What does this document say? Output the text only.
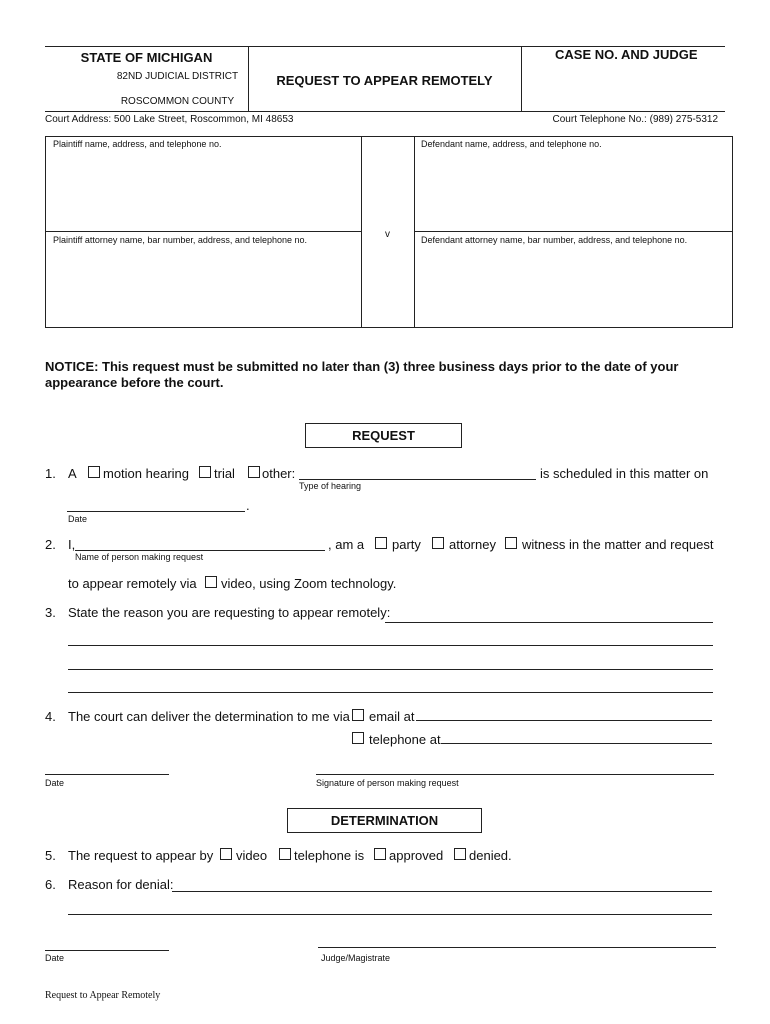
STATE OF MICHIGAN
82ND JUDICIAL DISTRICT
ROSCOMMON COUNTY
REQUEST TO APPEAR REMOTELY
CASE NO. AND JUDGE
Court Address: 500 Lake Street, Roscommon, MI 48653	Court Telephone No.: (989) 275-5312
Plaintiff name, address, and telephone no.
Plaintiff attorney name, bar number, address, and telephone no.	v
Defendant name, address, and telephone no.
Defendant attorney name, bar number, address, and telephone no.
NOTICE: This request must be submitted no later than (3) three business days prior to the date of your
appearance before the court.
REQUEST
1. A motion hearing trial other:	is scheduled in this matter on
Type of hearing
.
Date
2. I,	, am a party attorney witness in the matter and request
Name of person making request
to appear remotely via video, using Zoom technology.
3. State the reason you are requesting to appear remotely:
4. The court can deliver the determination to me via email at
telephone at
Date	Signature of person making request
DETERMINATION
5. The request to appear by video telephone is approved denied.
6. Reason for denial:
Date	Judge/Magistrate
Request to Appear Remotely
